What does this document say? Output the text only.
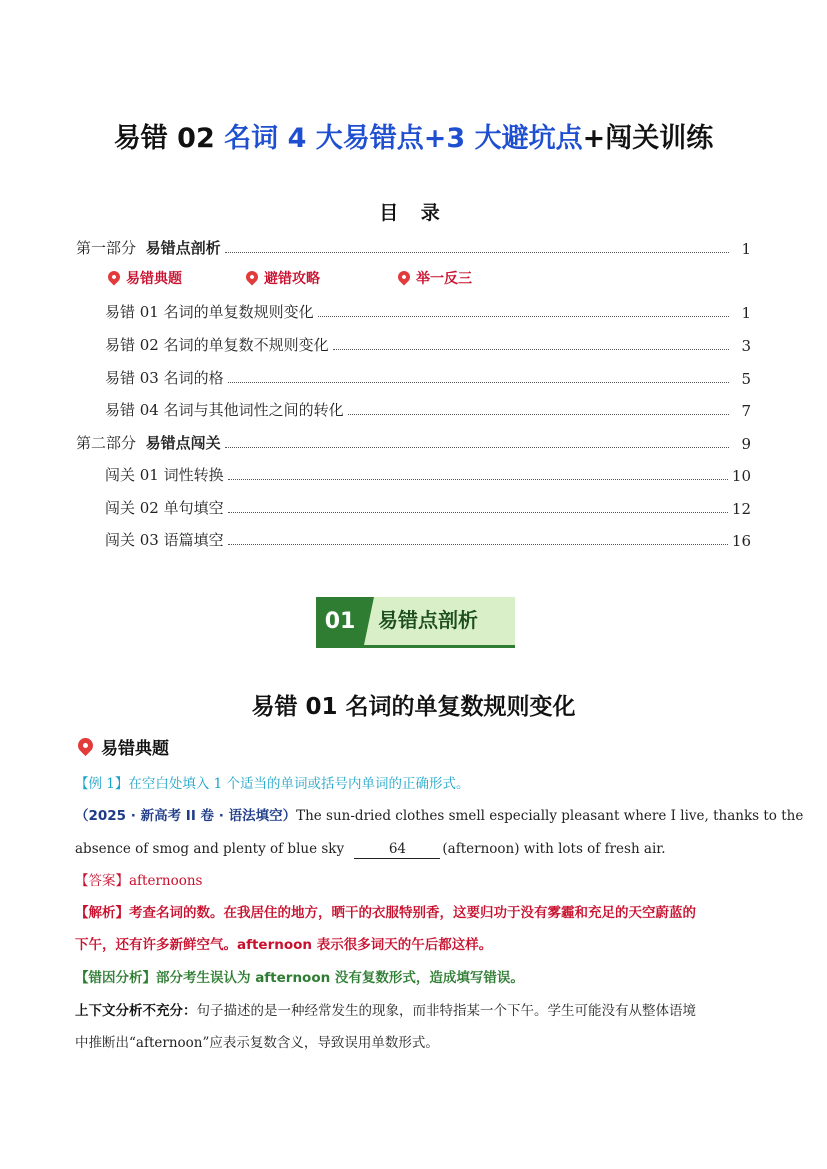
易错 02 名词 4 大易错点+3 大避坑点+闯关训练
目 录
第一部分 易错点剖析	1
易错典题	避错攻略	举一反三
易错 01 名词的单复数规则变化	1
易错 02 名词的单复数不规则变化	3
易错 03 名词的格	5
易错 04 名词与其他词性之间的转化	7
第二部分 易错点闯关	9
闯关 01 词性转换	10
闯关 02 单句填空	12
闯关 03 语篇填空	16
01	易错点剖析
易错 01 名词的单复数规则变化
易错典题
【例 1】在空白处填入 1 个适当的单词或括号内单词的正确形式。
（2025 · 新高考 II 卷 · 语法填空）The sun-dried clothes smell especially pleasant where I live, thanks to the
absence of smog and plenty of blue sky	64	(afternoon) with lots of fresh air.
【答案】afternoons
【解析】考查名词的数。在我居住的地方，晒干的衣服特别香，这要归功于没有雾霾和充足的天空蔚蓝的
下午，还有许多新鲜空气。afternoon 表示很多词天的午后都这样。
【错因分析】部分考生误认为 afternoon 没有复数形式，造成填写错误。
上下文分析不充分：句子描述的是一种经常发生的现象，而非特指某一个下午。学生可能没有从整体语境
中推断出“afternoon”应表示复数含义，导致误用单数形式。
